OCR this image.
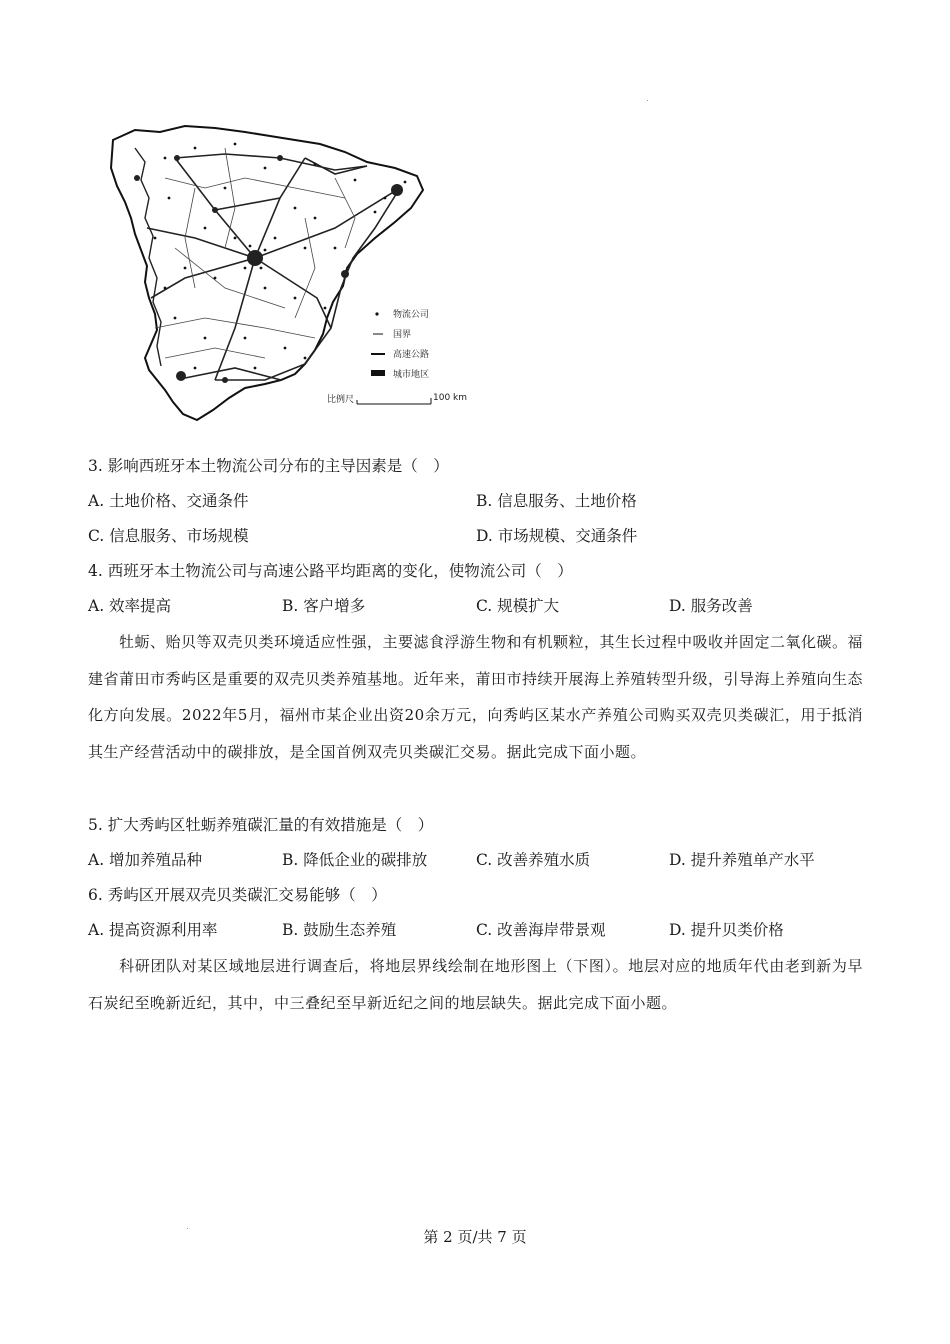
物流公司
国界
高速公路
城市地区
比例尺	100 km
3. 影响西班牙本土物流公司分布的主导因素是（　）
A. 土地价格、交通条件	B. 信息服务、土地价格
C. 信息服务、市场规模	D. 市场规模、交通条件
4. 西班牙本土物流公司与高速公路平均距离的变化，使物流公司（　）
A. 效率提高	B. 客户增多	C. 规模扩大	D. 服务改善
牡蛎、贻贝等双壳贝类环境适应性强，主要滤食浮游生物和有机颗粒，其生长过程中吸收并固定二氧化碳。福建省莆田市秀屿区是重要的双壳贝类养殖基地。近年来，莆田市持续开展海上养殖转型升级，引导海上养殖向生态化方向发展。2022年5月，福州市某企业出资20余万元，向秀屿区某水产养殖公司购买双壳贝类碳汇，用于抵消其生产经营活动中的碳排放，是全国首例双壳贝类碳汇交易。据此完成下面小题。
5. 扩大秀屿区牡蛎养殖碳汇量的有效措施是（　）
A. 增加养殖品种	B. 降低企业的碳排放	C. 改善养殖水质	D. 提升养殖单产水平
6. 秀屿区开展双壳贝类碳汇交易能够（　）
A. 提高资源利用率	B. 鼓励生态养殖	C. 改善海岸带景观	D. 提升贝类价格
科研团队对某区域地层进行调查后，将地层界线绘制在地形图上（下图）。地层对应的地质年代由老到新为早石炭纪至晚新近纪，其中，中三叠纪至早新近纪之间的地层缺失。据此完成下面小题。
第 2 页/共 7 页
